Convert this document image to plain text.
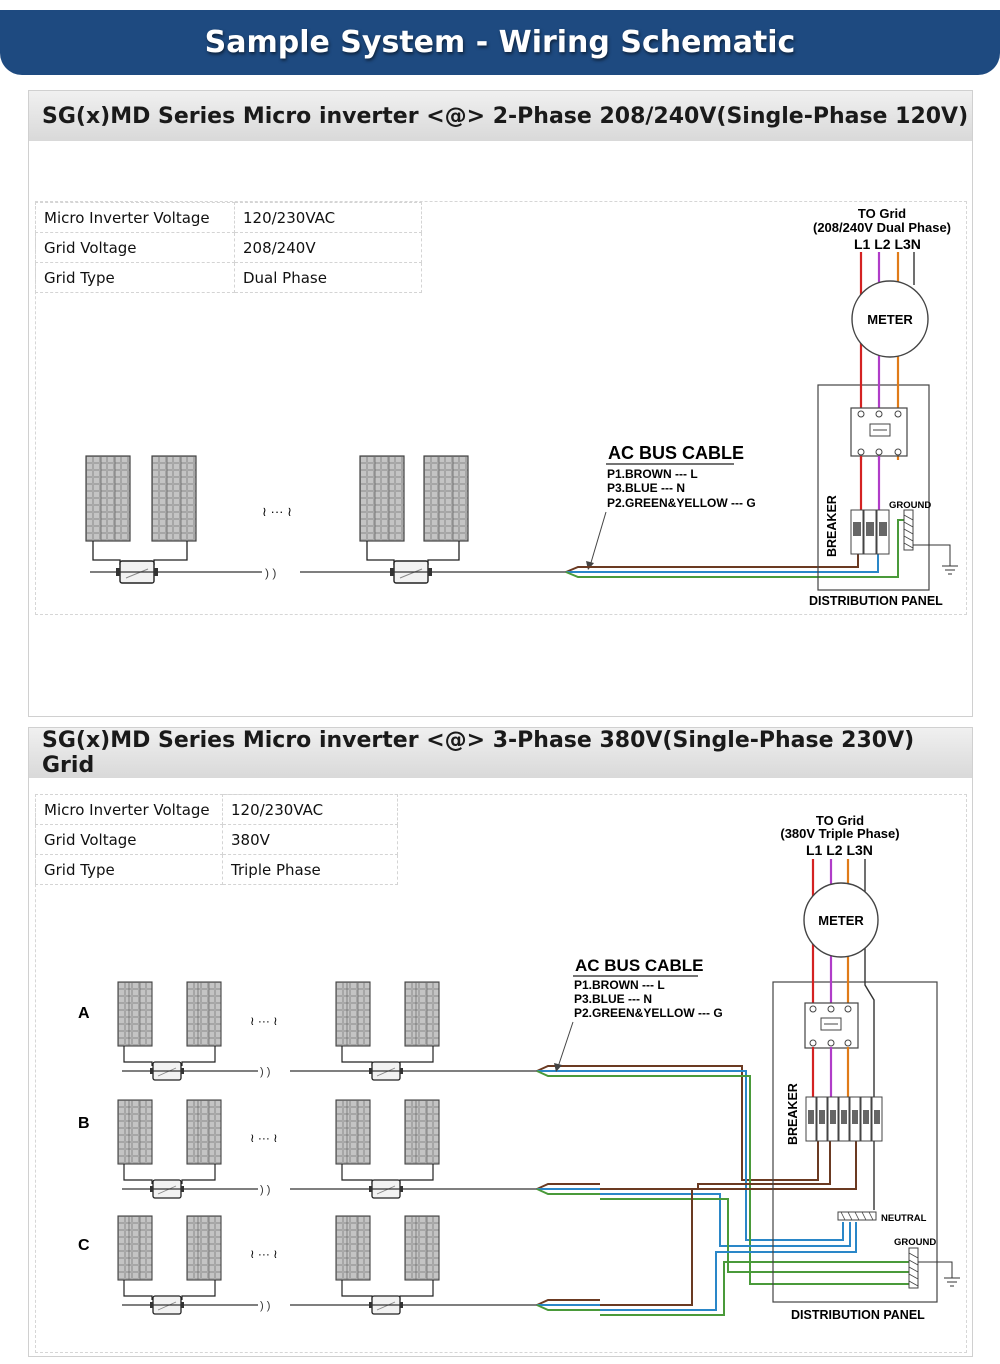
Sample System - Wiring Schematic
SG(x)MD Series Micro inverter <@> 2-Phase 208/240V(Single-Phase 120V)
Micro Inverter Voltage	120/230VAC
Grid Voltage	208/240V
Grid Type	Dual Phase
≀ ··· ≀
) )
AC BUS CABLE
P1.BROWN --- L
P3.BLUE --- N
P2.GREEN&YELLOW --- G
DISTRIBUTION PANEL
TO Grid
(208/240V Dual Phase)
L1 L2 L3N
METER
BREAKER	GROUND
SG(x)MD Series Micro inverter <@> 3-Phase 380V(Single-Phase 230V) Grid
Micro Inverter Voltage	120/230VAC
Grid Voltage	380V
Grid Type	Triple Phase
) )
A
B
C
≀ ··· ≀
≀ ··· ≀
≀ ··· ≀
AC BUS CABLE
P1.BROWN --- L
P3.BLUE --- N
P2.GREEN&YELLOW --- G
DISTRIBUTION PANEL
TO Grid
(380V Triple Phase)
L1 L2 L3N
METER
BREAKER
NEUTRAL
GROUND
